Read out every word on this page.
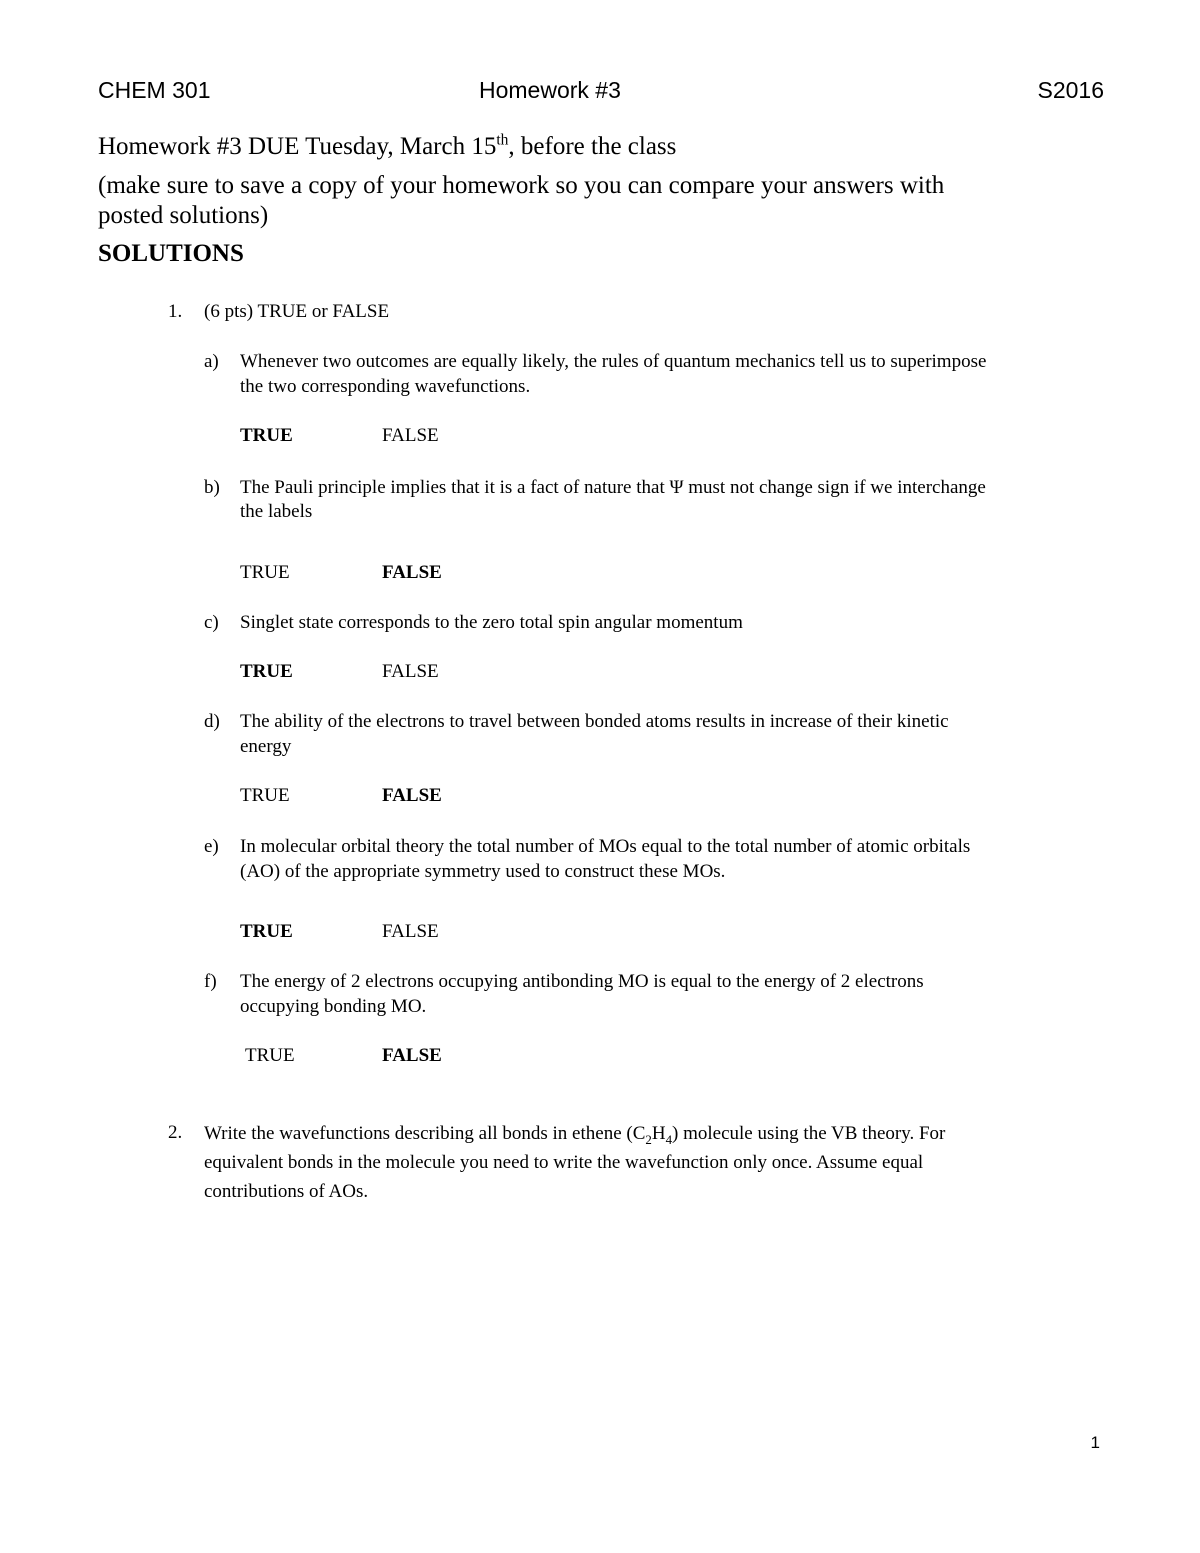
CHEM 301	Homework #3	S2016
Homework #3 DUE Tuesday, March 15th, before the class
(make sure to save a copy of your homework so you can compare your answers with
posted solutions)
SOLUTIONS
1. (6 pts) TRUE or FALSE
a) Whenever two outcomes are equally likely, the rules of quantum mechanics tell us to superimpose
the two corresponding wavefunctions.
TRUE	FALSE
b) The Pauli principle implies that it is a fact of nature that Ψ must not change sign if we interchange
the labels
TRUE	FALSE
c) Singlet state corresponds to the zero total spin angular momentum
TRUE	FALSE
d) The ability of the electrons to travel between bonded atoms results in increase of their kinetic
energy
TRUE	FALSE
e) In molecular orbital theory the total number of MOs equal to the total number of atomic orbitals
(AO) of the appropriate symmetry used to construct these MOs.
TRUE	FALSE
f) The energy of 2 electrons occupying antibonding MO is equal to the energy of 2 electrons
occupying bonding MO.
FALSE
TRUE
2. Write the wavefunctions describing all bonds in ethene $(C_2H_4)$ molecule using the VB theory. For
equivalent bonds in the molecule you need to write the wavefunction only once. Assume equal
contributions of AOs.
1
